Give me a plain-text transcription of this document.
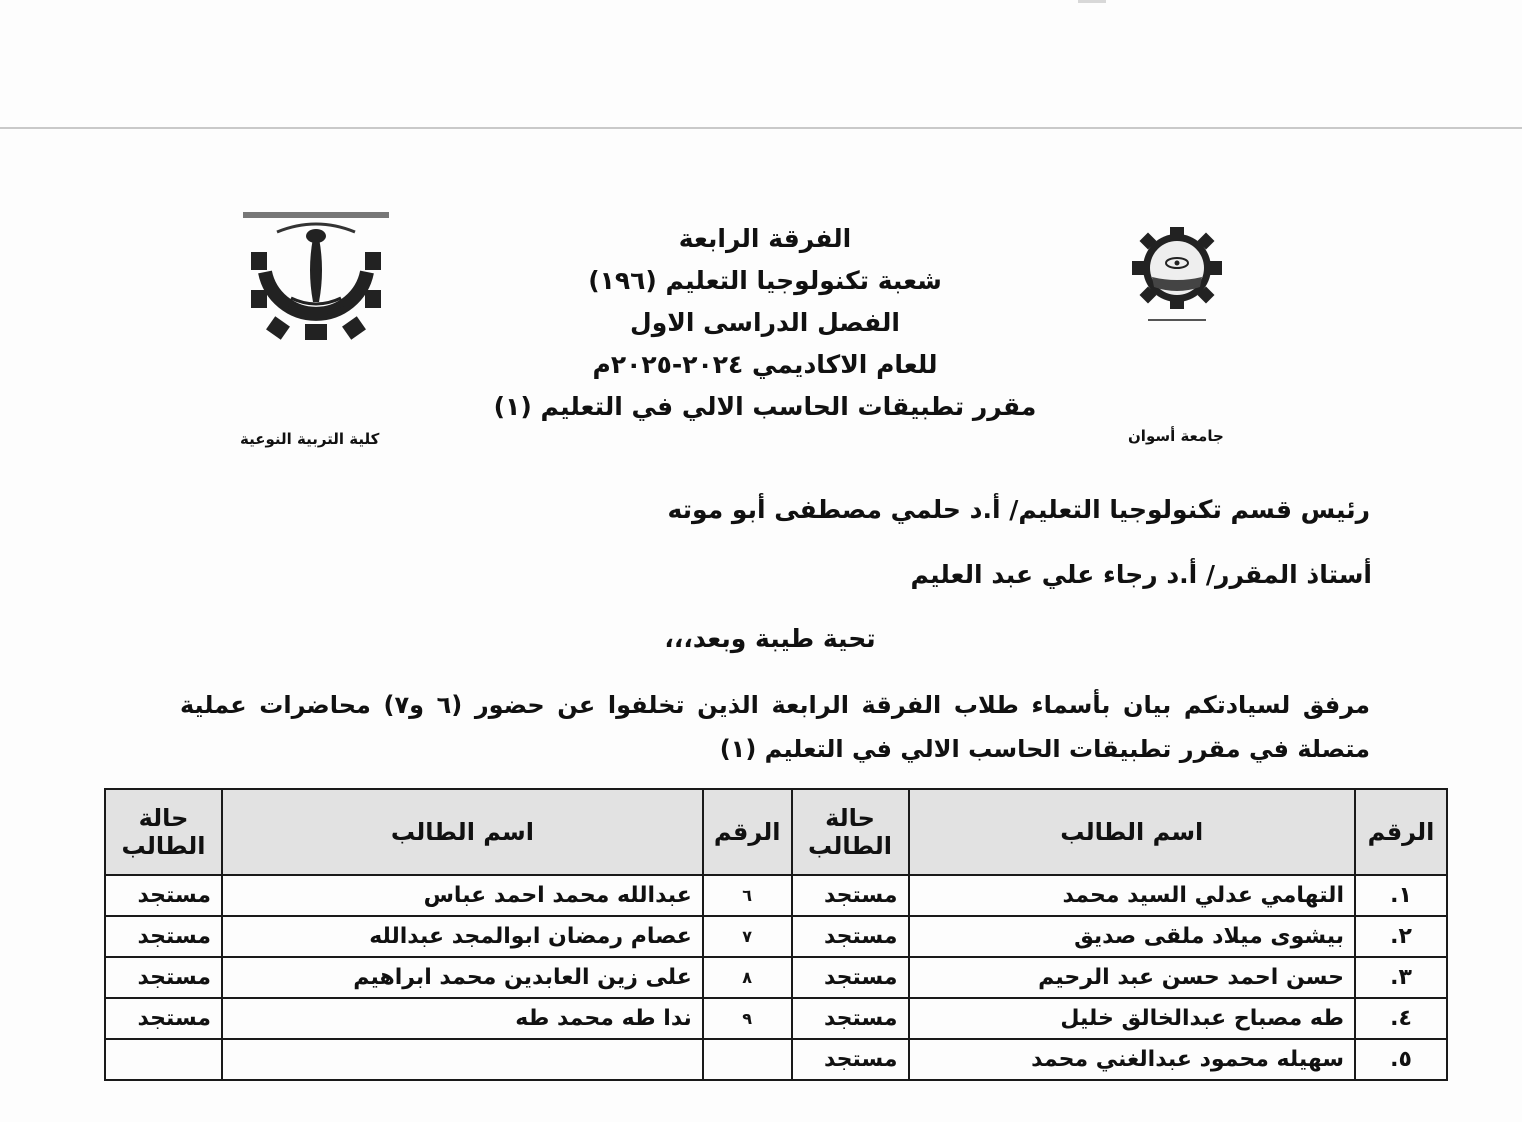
جامعة أسوان
كلية التربية النوعية
الفرقة الرابعة
شعبة تكنولوجيا التعليم (١٩٦)
الفصل الدراسى الاول
للعام الاكاديمي ٢٠٢٤-٢٠٢٥م
مقرر تطبيقات الحاسب الالي في التعليم (١)
رئيس قسم تكنولوجيا التعليم/ أ.د حلمي مصطفى أبو موته
أستاذ المقرر/ أ.د رجاء علي عبد العليم
تحية طيبة وبعد،،،
مرفق لسيادتكم بيان بأسماء طلاب الفرقة الرابعة الذين تخلفوا عن حضور (٦ و٧) محاضرات عملية متصلة في مقرر تطبيقات الحاسب الالي في التعليم (١)
الرقم	اسم الطالب	حالة الطالب	الرقم	اسم الطالب	حالة الطالب
١.	التهامي عدلي السيد محمد	مستجد	٦	عبدالله محمد احمد عباس	مستجد
٢.	بيشوى ميلاد ملقى صديق	مستجد	٧	عصام رمضان ابوالمجد عبدالله	مستجد
٣.	حسن احمد حسن عبد الرحيم	مستجد	٨	على زين العابدين محمد ابراهيم	مستجد
٤.	طه مصباح عبدالخالق خليل	مستجد	٩	ندا طه محمد طه	مستجد
٥.	سهيله محمود عبدالغني محمد	مستجد			
